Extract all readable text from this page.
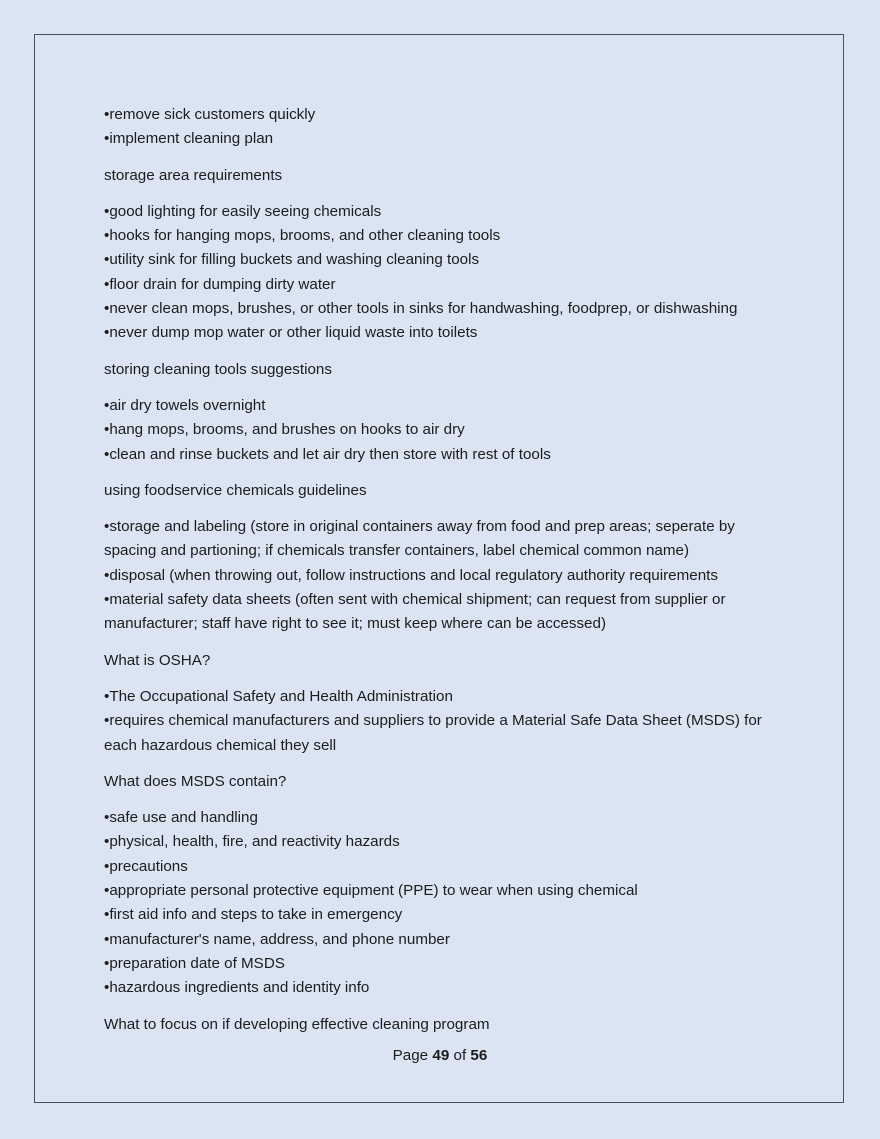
•remove sick customers quickly
•implement cleaning plan
storage area requirements
•good lighting for easily seeing chemicals
•hooks for hanging mops, brooms, and other cleaning tools
•utility sink for filling buckets and washing cleaning tools
•floor drain for dumping dirty water
•never clean mops, brushes, or other tools in sinks for handwashing, foodprep, or dishwashing
•never dump mop water or other liquid waste into toilets
storing cleaning tools suggestions
•air dry towels overnight
•hang mops, brooms, and brushes on hooks to air dry
•clean and rinse buckets and let air dry then store with rest of tools
using foodservice chemicals guidelines
•storage and labeling (store in original containers away from food and prep areas; seperate by spacing and partioning; if chemicals transfer containers, label chemical common name)
•disposal (when throwing out, follow instructions and local regulatory authority requirements
•material safety data sheets (often sent with chemical shipment; can request from supplier or manufacturer; staff have right to see it; must keep where can be accessed)
What is OSHA?
•The Occupational Safety and Health Administration
•requires chemical manufacturers and suppliers to provide a Material Safe Data Sheet (MSDS) for each hazardous chemical they sell
What does MSDS contain?
•safe use and handling
•physical, health, fire, and reactivity hazards
•precautions
•appropriate personal protective equipment (PPE) to wear when using chemical
•first aid info and steps to take in emergency
•manufacturer's name, address, and phone number
•preparation date of MSDS
•hazardous ingredients and identity info
What to focus on if developing effective cleaning program
Page 49 of 56
